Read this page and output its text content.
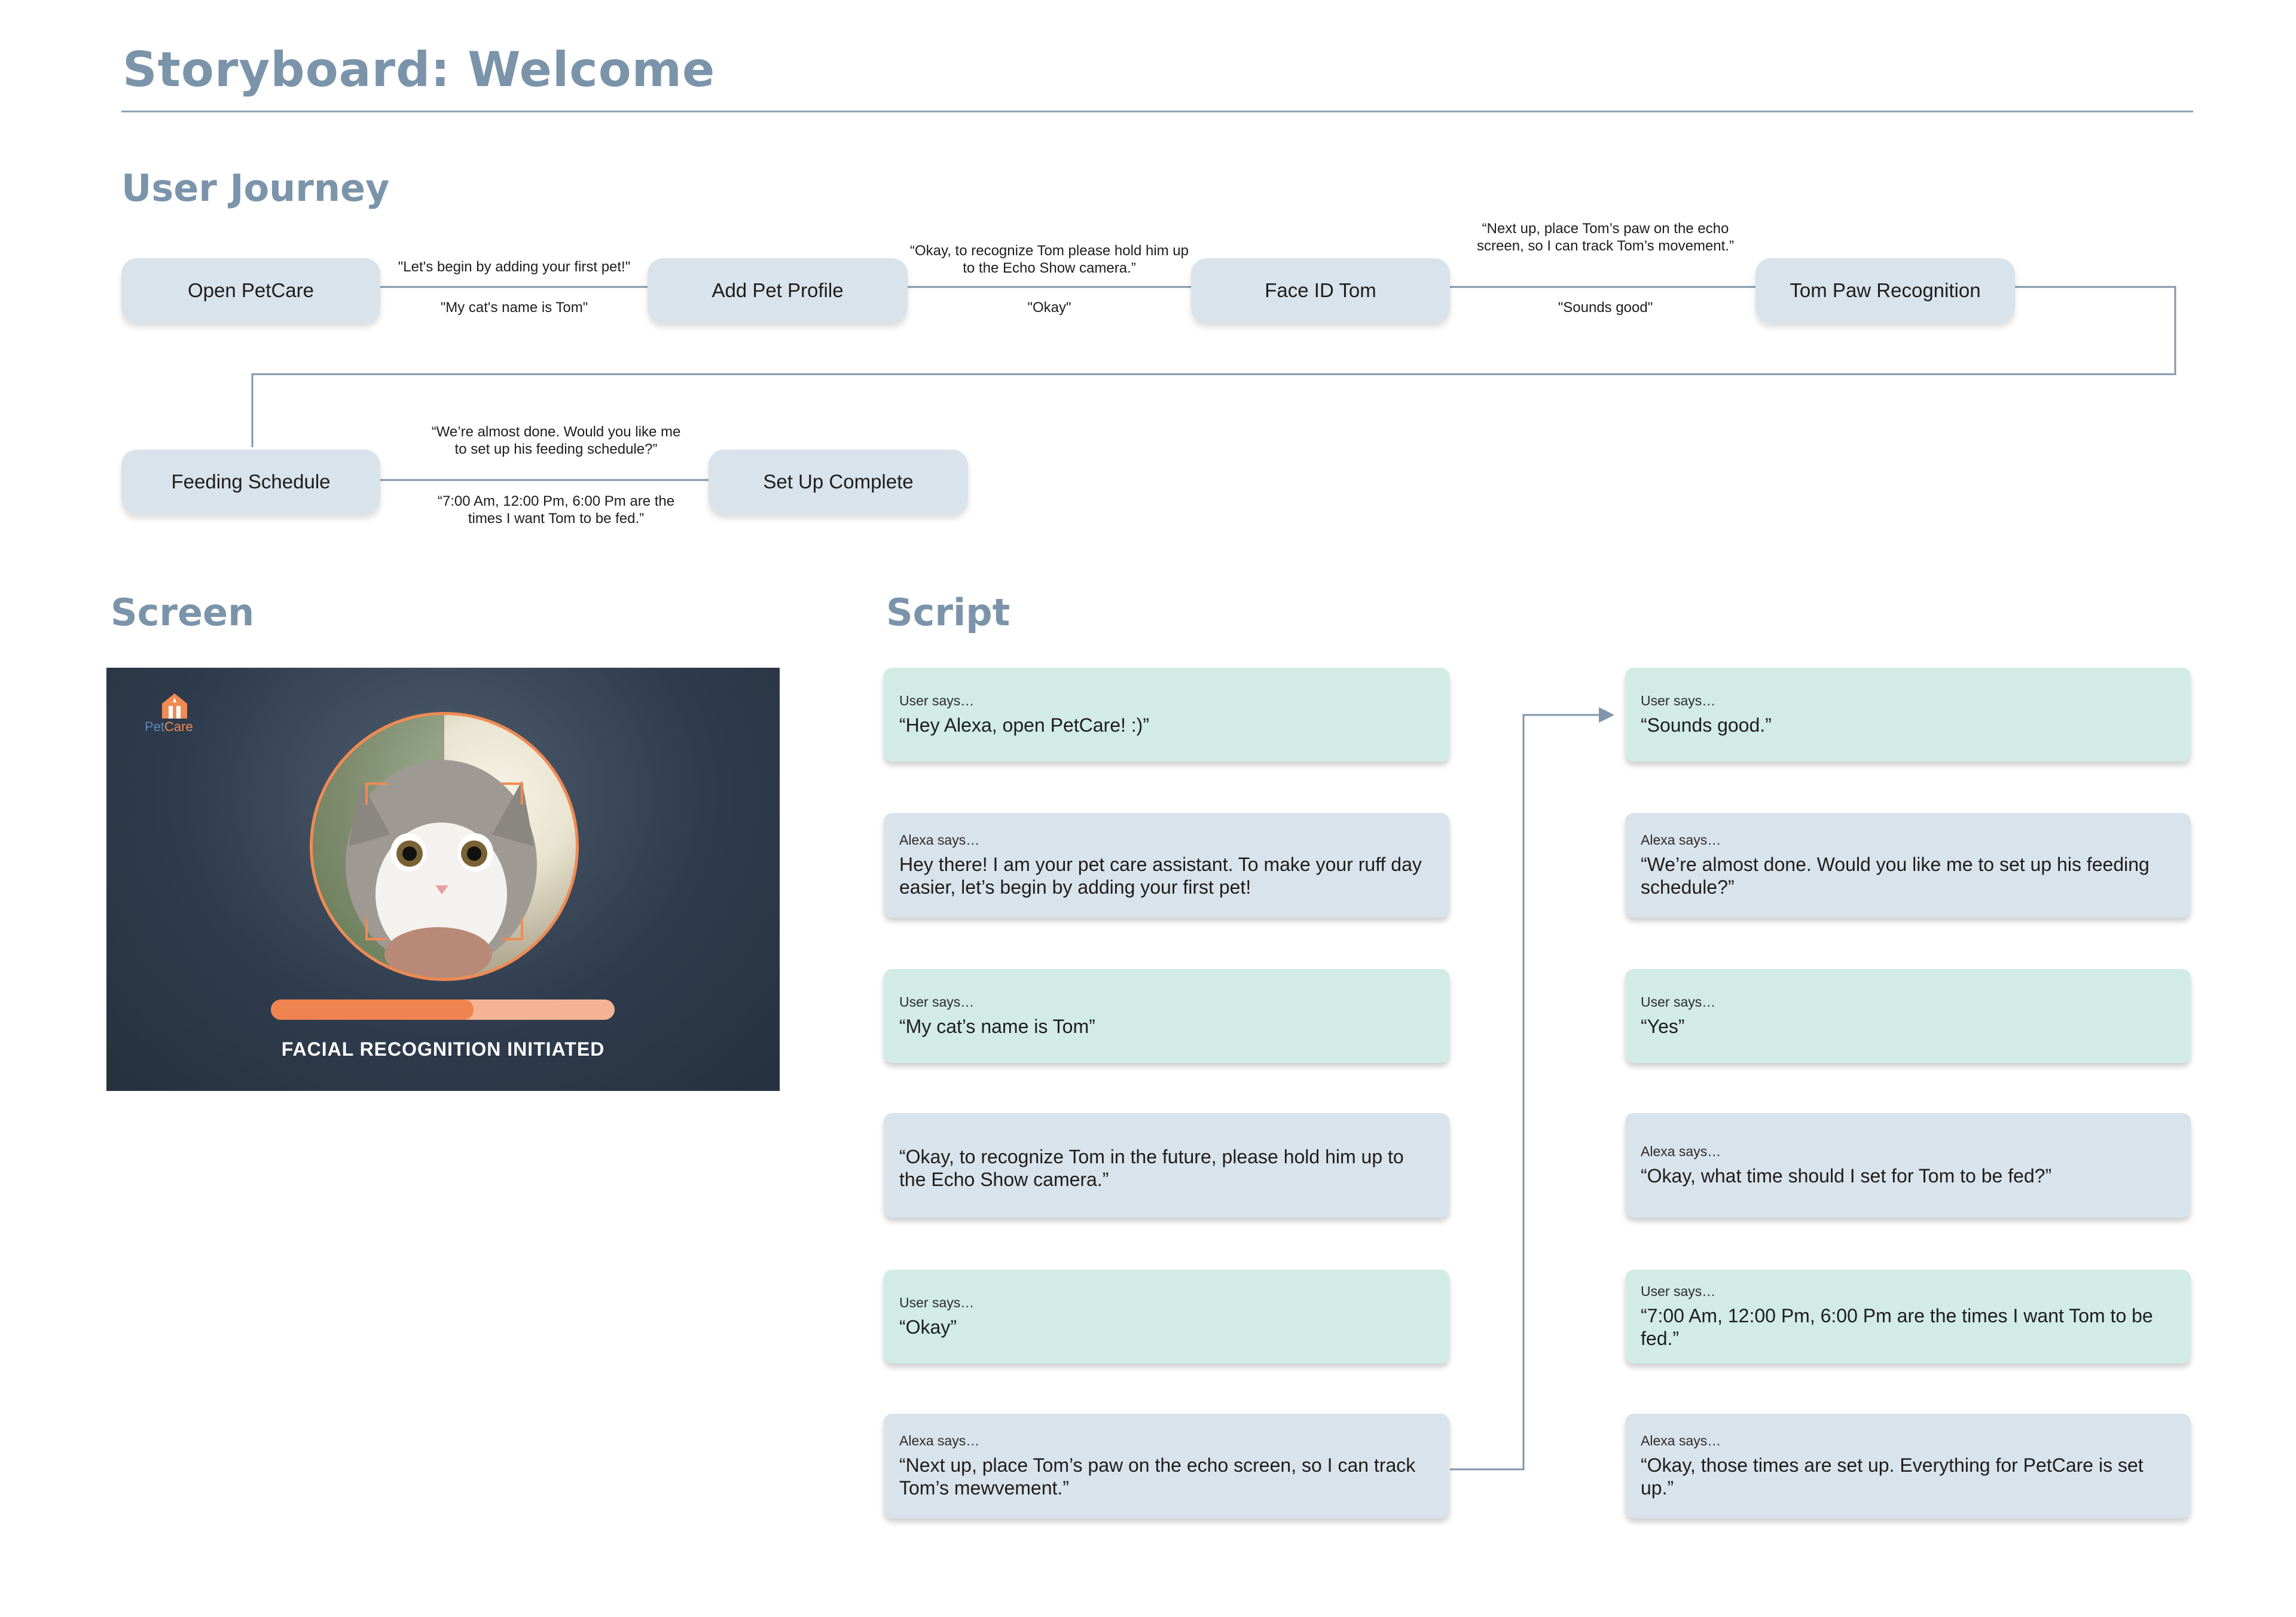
Storyboard: Welcome
User Journey
Screen	Script
Open PetCare	Add Pet Profile	Face ID Tom	Tom Paw Recognition
Feeding Schedule	Set Up Complete
"Let's begin by adding your first pet!"
"My cat's name is Tom"
“Okay, to recognize Tom please hold him up to the Echo Show camera.”
"Okay"
“Next up, place Tom’s paw on the echo screen, so I can track Tom’s movement.”
"Sounds good"
“We’re almost done. Would you like me to set up his feeding schedule?”
“7:00 Am, 12:00 Pm, 6:00 Pm are the times I want Tom to be fed.”
PetCare
FACIAL RECOGNITION INITIATED
User says…
“Hey Alexa, open PetCare! :)”
Alexa says…
Hey there! I am your pet care assistant. To make your ruff day easier, let’s begin by adding your first pet!
User says…
“My cat’s name is Tom”
“Okay, to recognize Tom in the future, please hold him up to the Echo Show camera.”
User says…
“Okay”
Alexa says…
“Next up, place Tom’s paw on the echo screen, so I can track Tom’s mewvement.”
User says…
“Sounds good.”
Alexa says…
“We’re almost done. Would you like me to set up his feeding schedule?”
User says…
“Yes”
Alexa says…
“Okay, what time should I set for Tom to be fed?”
User says…
“7:00 Am, 12:00 Pm, 6:00 Pm are the times I want Tom to be fed.”
Alexa says…
“Okay, those times are set up. Everything for PetCare is set up.”
